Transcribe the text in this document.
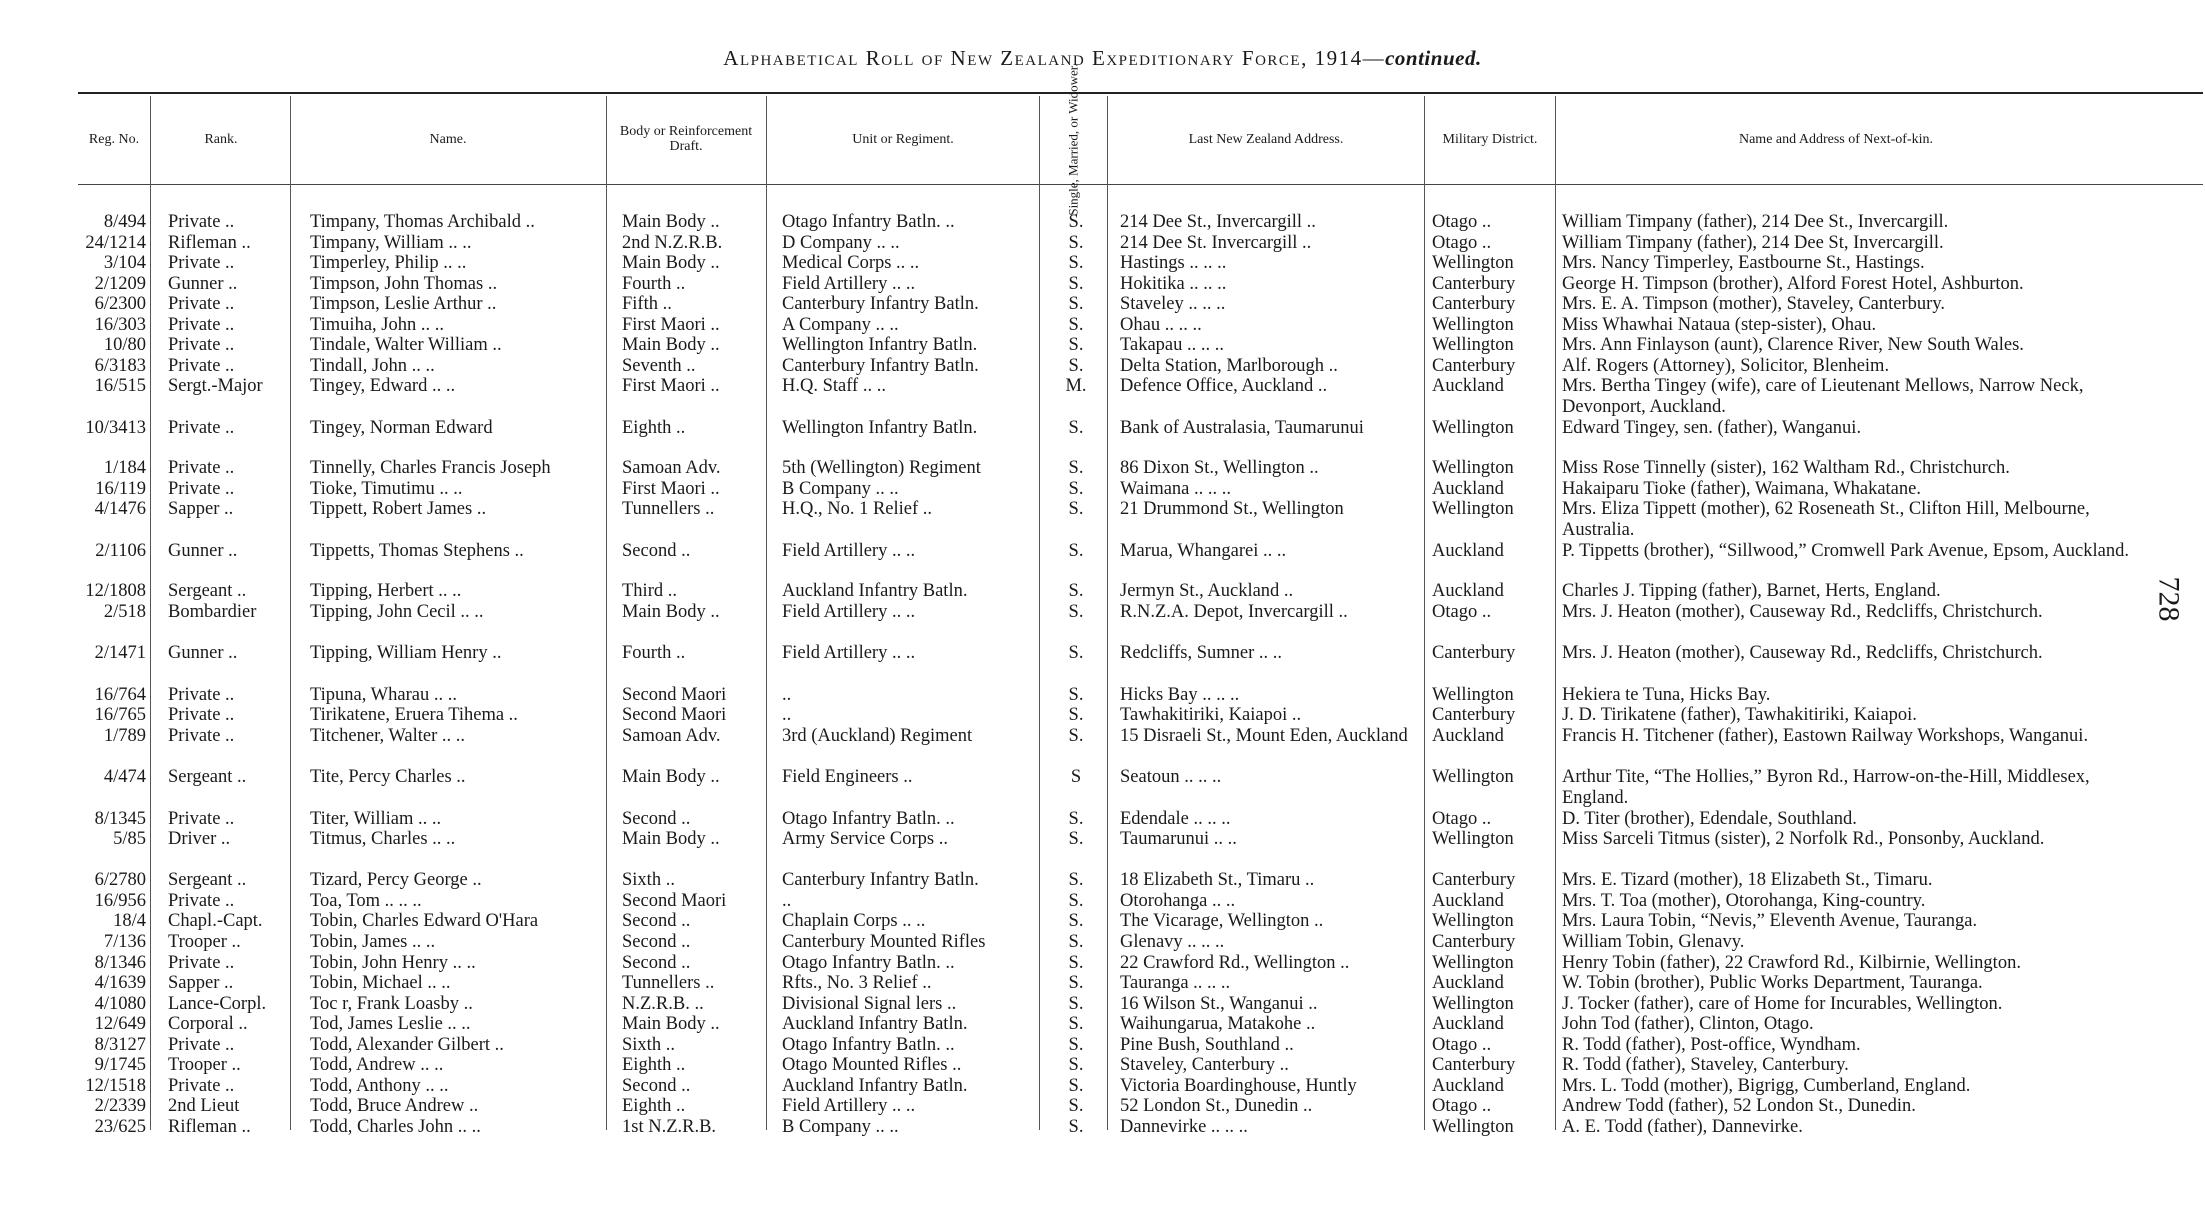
Alphabetical Roll of New Zealand Expeditionary Force, 1914—continued.
728
Reg. No.	Rank.	Name.	Body or Reinforcement Draft.	Unit or Regiment.	Single, Married, or Widower.	Last New Zealand Address.	Military District.	Name and Address of Next-of-kin.
8/494 Private ..	Timpany, Thomas Archibald ..	Main Body ..	Otago Infantry Batln. ..	S.	214 Dee St., Invercargill ..	Otago ..	William Timpany (father), 214 Dee St., Invercargill.
24/1214 Rifleman ..	Timpany, William .. ..	2nd N.Z.R.B.	D Company .. ..	S.	214 Dee St. Invercargill ..	Otago ..	William Timpany (father), 214 Dee St, Invercargill.
3/104 Private ..	Timperley, Philip .. ..	Main Body ..	Medical Corps .. ..	S.	Hastings .. .. ..	Wellington	Mrs. Nancy Timperley, Eastbourne St., Hastings.
2/1209 Gunner ..	Timpson, John Thomas ..	Fourth ..	Field Artillery .. ..	S.	Hokitika .. .. ..	Canterbury	George H. Timpson (brother), Alford Forest Hotel, Ashburton.
6/2300 Private ..	Timpson, Leslie Arthur ..	Fifth ..	Canterbury Infantry Batln.	S.	Staveley .. .. ..	Canterbury	Mrs. E. A. Timpson (mother), Staveley, Canterbury.
16/303 Private ..	Timuiha, John .. ..	First Maori ..	A Company .. ..	S.	Ohau .. .. ..	Wellington	Miss Whawhai Nataua (step-sister), Ohau.
10/80 Private ..	Tindale, Walter William ..	Main Body ..	Wellington Infantry Batln.	S.	Takapau .. .. ..	Wellington	Mrs. Ann Finlayson (aunt), Clarence River, New South Wales.
6/3183 Private ..	Tindall, John .. ..	Seventh ..	Canterbury Infantry Batln.	S.	Delta Station, Marlborough ..	Canterbury	Alf. Rogers (Attorney), Solicitor, Blenheim.
16/515 Sergt.-Major	Tingey, Edward .. ..	First Maori ..	H.Q. Staff .. ..	M.	Defence Office, Auckland ..	Auckland	Mrs. Bertha Tingey (wife), care of Lieutenant Mellows, Narrow Neck, Devonport, Auckland.
10/3413 Private ..	Tingey, Norman Edward	Eighth ..	Wellington Infantry Batln.	S.	Bank of Australasia, Taumarunui	Wellington	Edward Tingey, sen. (father), Wanganui.
1/184 Private ..	Tinnelly, Charles Francis Joseph	Samoan Adv.	5th (Wellington) Regiment	S.	86 Dixon St., Wellington ..	Wellington	Miss Rose Tinnelly (sister), 162 Waltham Rd., Christchurch.
16/119 Private ..	Tioke, Timutimu .. ..	First Maori ..	B Company .. ..	S.	Waimana .. .. ..	Auckland	Hakaiparu Tioke (father), Waimana, Whakatane.
4/1476 Sapper ..	Tippett, Robert James ..	Tunnellers ..	H.Q., No. 1 Relief ..	S.	21 Drummond St., Wellington	Wellington	Mrs. Eliza Tippett (mother), 62 Roseneath St., Clifton Hill, Melbourne, Australia.
2/1106 Gunner ..	Tippetts, Thomas Stephens ..	Second ..	Field Artillery .. ..	S.	Marua, Whangarei .. ..	Auckland	P. Tippetts (brother), “Sillwood,” Cromwell Park Avenue, Epsom, Auckland.
12/1808 Sergeant ..	Tipping, Herbert .. ..	Third ..	Auckland Infantry Batln.	S.	Jermyn St., Auckland ..	Auckland	Charles J. Tipping (father), Barnet, Herts, England.
2/518 Bombardier	Tipping, John Cecil .. ..	Main Body ..	Field Artillery .. ..	S.	R.N.Z.A. Depot, Invercargill ..	Otago ..	Mrs. J. Heaton (mother), Causeway Rd., Redcliffs, Christchurch.
2/1471 Gunner ..	Tipping, William Henry ..	Fourth ..	Field Artillery .. ..	S.	Redcliffs, Sumner .. ..	Canterbury	Mrs. J. Heaton (mother), Causeway Rd., Redcliffs, Christchurch.
16/764 Private ..	Tipuna, Wharau .. ..	Second Maori	..	S.	Hicks Bay .. .. ..	Wellington	Hekiera te Tuna, Hicks Bay.
16/765 Private ..	Tirikatene, Eruera Tihema ..	Second Maori	..	S.	Tawhakitiriki, Kaiapoi ..	Canterbury	J. D. Tirikatene (father), Tawhakitiriki, Kaiapoi.
1/789 Private ..	Titchener, Walter .. ..	Samoan Adv.	3rd (Auckland) Regiment	S.	15 Disraeli St., Mount Eden, Auckland	Auckland	Francis H. Titchener (father), Eastown Railway Workshops, Wanganui.
4/474 Sergeant ..	Tite, Percy Charles ..	Main Body ..	Field Engineers ..	S	Seatoun .. .. ..	Wellington	Arthur Tite, “The Hollies,” Byron Rd., Harrow-on-the-Hill, Middlesex, England.
8/1345 Private ..	Titer, William .. ..	Second ..	Otago Infantry Batln. ..	S.	Edendale .. .. ..	Otago ..	D. Titer (brother), Edendale, Southland.
5/85 Driver ..	Titmus, Charles .. ..	Main Body ..	Army Service Corps ..	S.	Taumarunui .. ..	Wellington	Miss Sarceli Titmus (sister), 2 Norfolk Rd., Ponsonby, Auckland.
6/2780 Sergeant ..	Tizard, Percy George ..	Sixth ..	Canterbury Infantry Batln.	S.	18 Elizabeth St., Timaru ..	Canterbury	Mrs. E. Tizard (mother), 18 Elizabeth St., Timaru.
16/956 Private ..	Toa, Tom .. .. ..	Second Maori	..	S.	Otorohanga .. ..	Auckland	Mrs. T. Toa (mother), Otorohanga, King-country.
18/4 Chapl.-Capt.	Tobin, Charles Edward O'Hara	Second ..	Chaplain Corps .. ..	S.	The Vicarage, Wellington ..	Wellington	Mrs. Laura Tobin, “Nevis,” Eleventh Avenue, Tauranga.
7/136 Trooper ..	Tobin, James .. ..	Second ..	Canterbury Mounted Rifles	S.	Glenavy .. .. ..	Canterbury	William Tobin, Glenavy.
8/1346 Private ..	Tobin, John Henry .. ..	Second ..	Otago Infantry Batln. ..	S.	22 Crawford Rd., Wellington ..	Wellington	Henry Tobin (father), 22 Crawford Rd., Kilbirnie, Wellington.
4/1639 Sapper ..	Tobin, Michael .. ..	Tunnellers ..	Rfts., No. 3 Relief ..	S.	Tauranga .. .. ..	Auckland	W. Tobin (brother), Public Works Department, Tauranga.
4/1080 Lance-Corpl.	Toc r, Frank Loasby ..	N.Z.R.B. ..	Divisional Signal lers ..	S.	16 Wilson St., Wanganui ..	Wellington	J. Tocker (father), care of Home for Incurables, Wellington.
12/649 Corporal ..	Tod, James Leslie .. ..	Main Body ..	Auckland Infantry Batln.	S.	Waihungarua, Matakohe ..	Auckland	John Tod (father), Clinton, Otago.
8/3127 Private ..	Todd, Alexander Gilbert ..	Sixth ..	Otago Infantry Batln. ..	S.	Pine Bush, Southland ..	Otago ..	R. Todd (father), Post-office, Wyndham.
9/1745 Trooper ..	Todd, Andrew .. ..	Eighth ..	Otago Mounted Rifles ..	S.	Staveley, Canterbury ..	Canterbury	R. Todd (father), Staveley, Canterbury.
12/1518 Private ..	Todd, Anthony .. ..	Second ..	Auckland Infantry Batln.	S.	Victoria Boardinghouse, Huntly	Auckland	Mrs. L. Todd (mother), Bigrigg, Cumberland, England.
2/2339 2nd Lieut	Todd, Bruce Andrew ..	Eighth ..	Field Artillery .. ..	S.	52 London St., Dunedin ..	Otago ..	Andrew Todd (father), 52 London St., Dunedin.
23/625 Rifleman ..	Todd, Charles John .. ..	1st N.Z.R.B.	B Company .. ..	S.	Dannevirke .. .. ..	Wellington	A. E. Todd (father), Dannevirke.
